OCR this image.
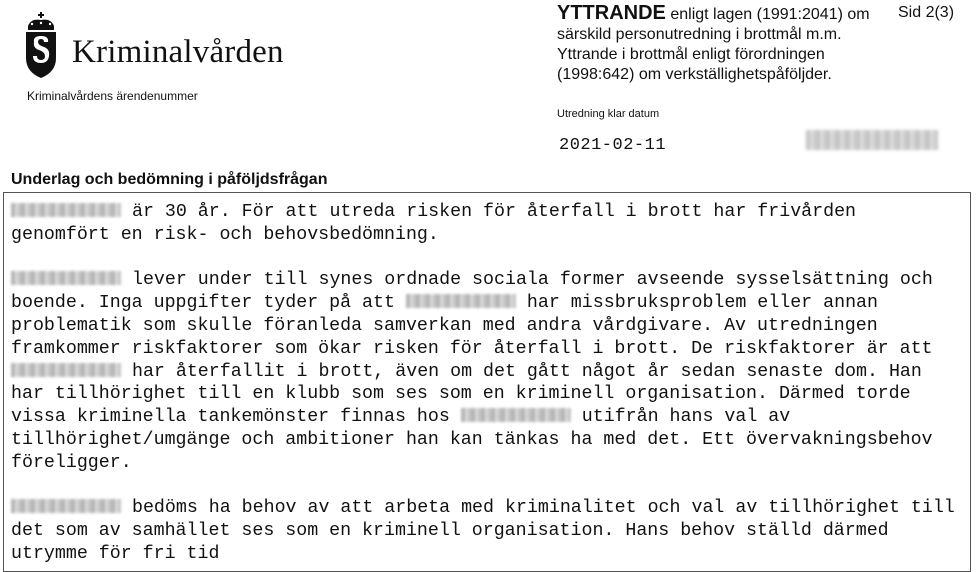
Kriminalvården
Kriminalvårdens ärendenummer
YTTRANDE enligt lagen (1991:2041) om särskild personutredning i brottmål m.m. Yttrande i brottmål enligt förordningen (1998:642) om verkställighetspåföljder.
Sid 2(3)
Utredning klar datum
2021-02-11
Underlag och bedömning i påföljdsfrågan
är 30 år. För att utreda risken för återfall i brott har frivården genomfört en risk- och behovsbedömning.
lever under till synes ordnade sociala former avseende sysselsättning och boende. Inga uppgifter tyder på att	har missbruksproblem eller annan problematik som skulle föranleda samverkan med andra vårdgivare. Av utredningen framkommer riskfaktorer som ökar risken för återfall i brott. De riskfaktorer är att  har återfallit i brott, även om det gått något år sedan senaste dom. Han har tillhörighet till en klubb som ses som en kriminell organisation. Därmed torde vissa kriminella tankemönster finnas hos	utifrån hans val av tillhörighet/umgänge och ambitioner han kan tänkas ha med det. Ett övervakningsbehov föreligger.
bedöms ha behov av att arbeta med kriminalitet och val av tillhörighet till det som av samhället ses som en kriminell organisation. Hans behov ställd därmed utrymme för fri tid
